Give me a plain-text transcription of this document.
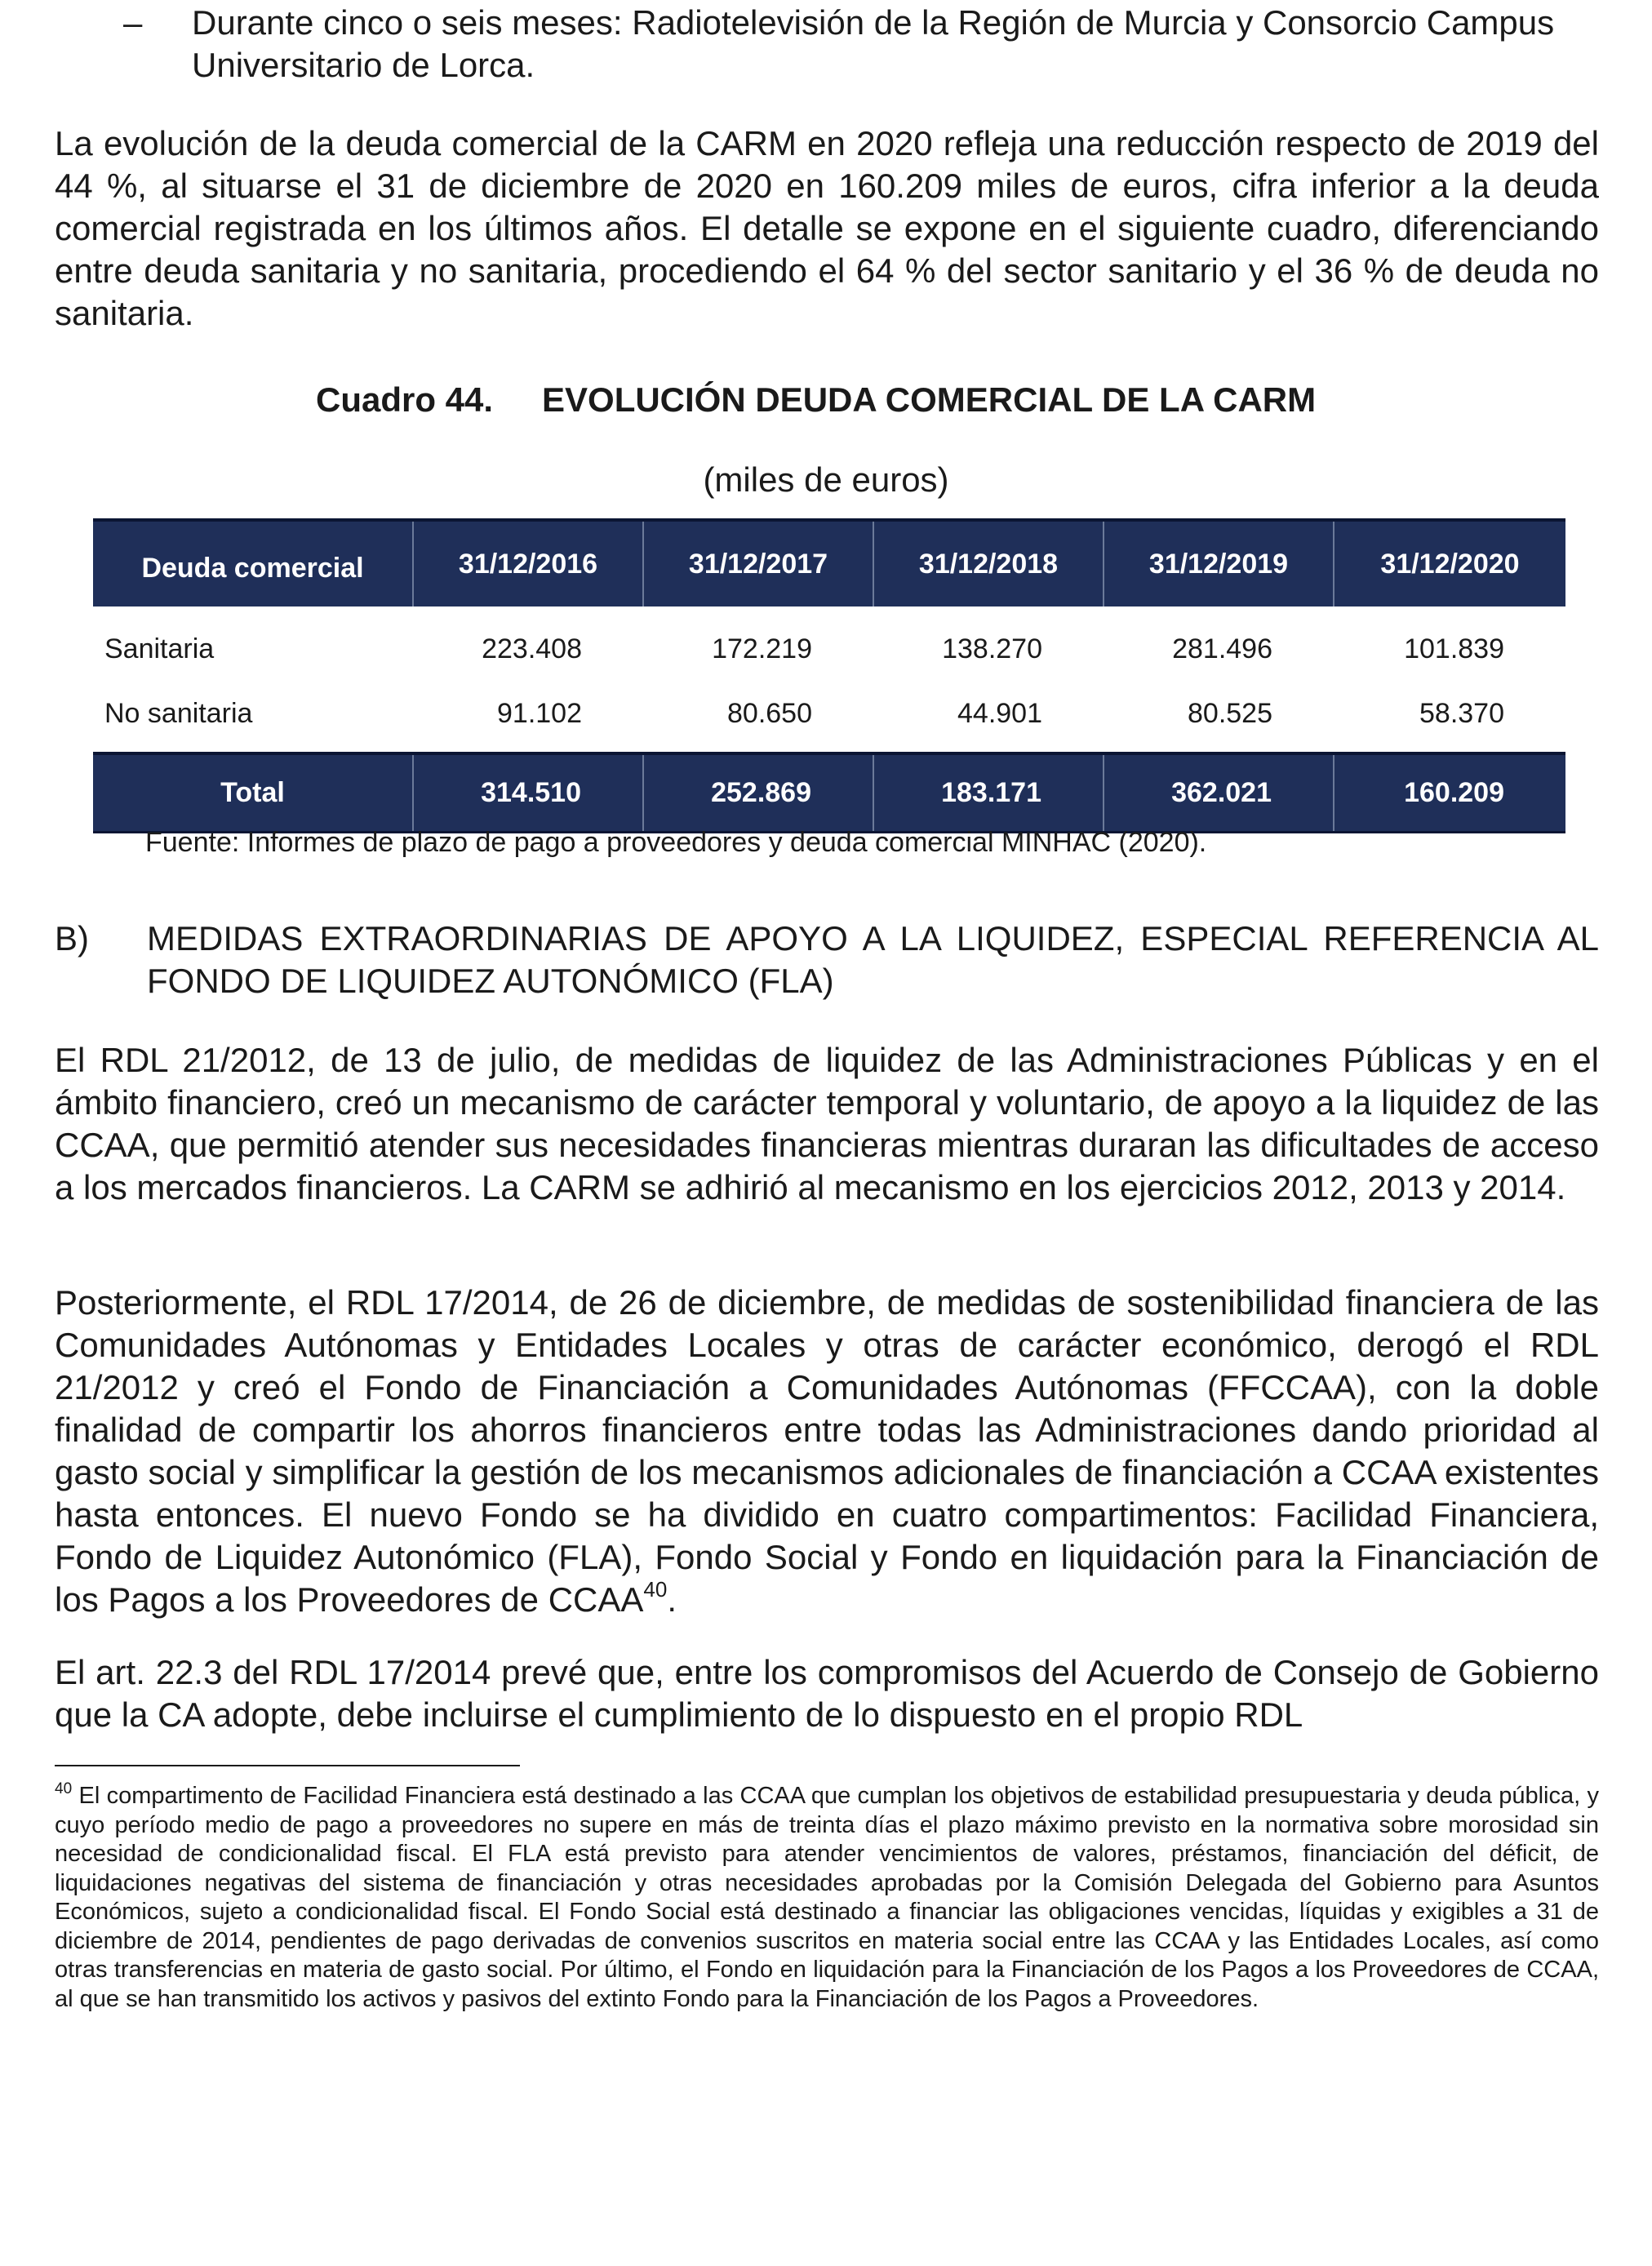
– Durante cinco o seis meses: Radiotelevisión de la Región de Murcia y Consorcio Campus Universitario de Lorca.

La evolución de la deuda comercial de la CARM en 2020 refleja una reducción respecto de 2019 del 44 %, al situarse el 31 de diciembre de 2020 en 160.209 miles de euros, cifra inferior a la deuda comercial registrada en los últimos años. El detalle se expone en el siguiente cuadro, diferenciando entre deuda sanitaria y no sanitaria, procediendo el 64 % del sector sanitario y el 36 % de deuda no sanitaria.

Cuadro 44. EVOLUCIÓN DEUDA COMERCIAL DE LA CARM
(miles de euros)
Deuda comercial	31/12/2016	31/12/2017	31/12/2018	31/12/2019	31/12/2020
Sanitaria	223.408	172.219	138.270	281.496	101.839
No sanitaria	91.102	80.650	44.901	80.525	58.370
Total	314.510	252.869	183.171	362.021	160.209
Fuente: Informes de plazo de pago a proveedores y deuda comercial MINHAC (2020).
B) MEDIDAS EXTRAORDINARIAS DE APOYO A LA LIQUIDEZ, ESPECIAL REFERENCIA AL FONDO DE LIQUIDEZ AUTONÓMICO (FLA)

El RDL 21/2012, de 13 de julio, de medidas de liquidez de las Administraciones Públicas y en el ámbito financiero, creó un mecanismo de carácter temporal y voluntario, de apoyo a la liquidez de las CCAA, que permitió atender sus necesidades financieras mientras duraran las dificultades de acceso a los mercados financieros. La CARM se adhirió al mecanismo en los ejercicios 2012, 2013 y 2014.

Posteriormente, el RDL 17/2014, de 26 de diciembre, de medidas de sostenibilidad financiera de las Comunidades Autónomas y Entidades Locales y otras de carácter económico, derogó el RDL 21/2012 y creó el Fondo de Financiación a Comunidades Autónomas (FFCCAA), con la doble finalidad de compartir los ahorros financieros entre todas las Administraciones dando prioridad al gasto social y simplificar la gestión de los mecanismos adicionales de financiación a CCAA existentes hasta entonces. El nuevo Fondo se ha dividido en cuatro compartimentos: Facilidad Financiera, Fondo de Liquidez Autonómico (FLA), Fondo Social y Fondo en liquidación para la Financiación de los Pagos a los Proveedores de CCAA$^{40}$.

El art. 22.3 del RDL 17/2014 prevé que, entre los compromisos del Acuerdo de Consejo de Gobierno que la CA adopte, debe incluirse el cumplimiento de lo dispuesto en el propio RDL

$^{40}$ El compartimento de Facilidad Financiera está destinado a las CCAA que cumplan los objetivos de estabilidad presupuestaria y deuda pública, y cuyo período medio de pago a proveedores no supere en más de treinta días el plazo máximo previsto en la normativa sobre morosidad sin necesidad de condicionalidad fiscal. El FLA está previsto para atender vencimientos de valores, préstamos, financiación del déficit, de liquidaciones negativas del sistema de financiación y otras necesidades aprobadas por la Comisión Delegada del Gobierno para Asuntos Económicos, sujeto a condicionalidad fiscal. El Fondo Social está destinado a financiar las obligaciones vencidas, líquidas y exigibles a 31 de diciembre de 2014, pendientes de pago derivadas de convenios suscritos en materia social entre las CCAA y las Entidades Locales, así como otras transferencias en materia de gasto social. Por último, el Fondo en liquidación para la Financiación de los Pagos a los Proveedores de CCAA, al que se han transmitido los activos y pasivos del extinto Fondo para la Financiación de los Pagos a Proveedores.
